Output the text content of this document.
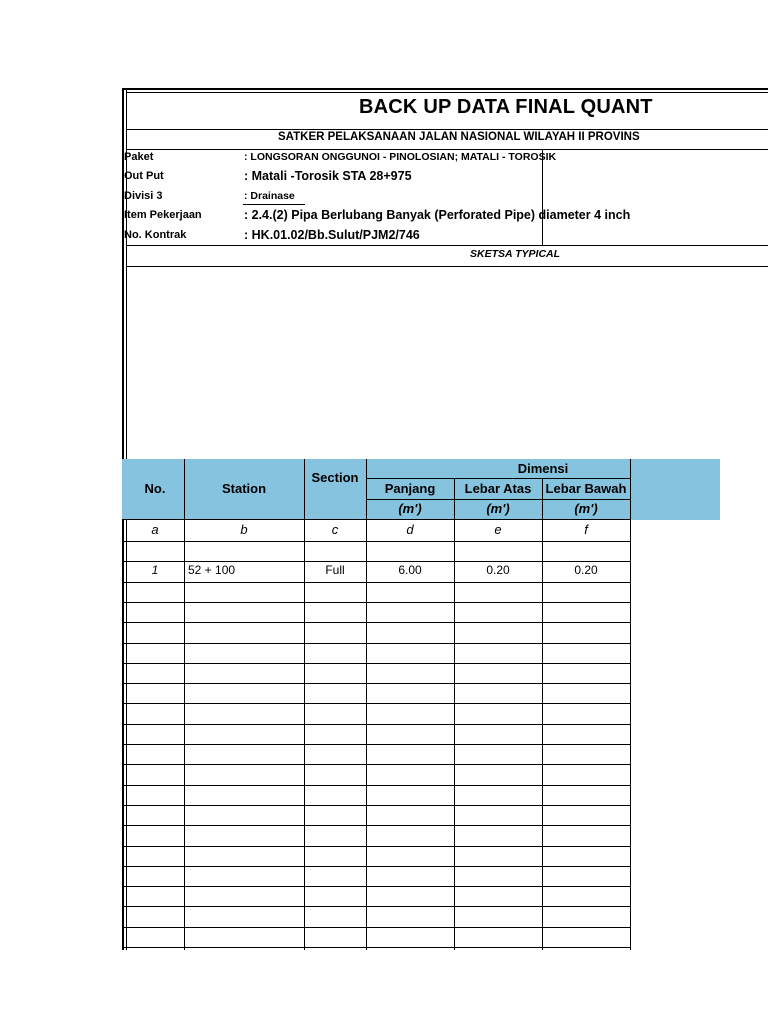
BACK UP DATA FINAL QUANT
SATKER PELAKSANAAN JALAN NASIONAL WILAYAH II PROVINS
Paket	: LONGSORAN ONGGUNOI - PINOLOSIAN; MATALI - TOROSIK
Out Put	: Matali -Torosik STA 28+975
Divisi 3	: Drainase
Item Pekerjaan	: 2.4.(2) Pipa Berlubang Banyak (Perforated Pipe) diameter 4 inch
No. Kontrak	: HK.01.02/Bb.Sulut/PJM2/746
SKETSA TYPICAL
No.	Station
Section
Dimensi
Panjang	Lebar Atas	Lebar Bawah
(m')	(m')	(m')
a	b	c	d	e	f
1	52 + 100	Full	6.00	0.20	0.20
